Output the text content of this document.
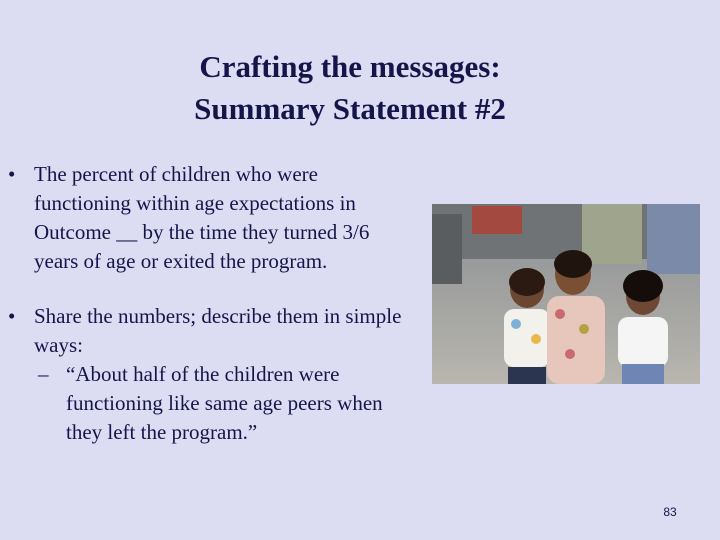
Crafting the messages:
Summary Statement #2
• The percent of children who were functioning within age expectations in Outcome __ by the time they turned 3/6 years of age or exited the program.
• Share the numbers; describe them in simple ways:
– “About half of the children were functioning like same age peers when they left the program.”
83
